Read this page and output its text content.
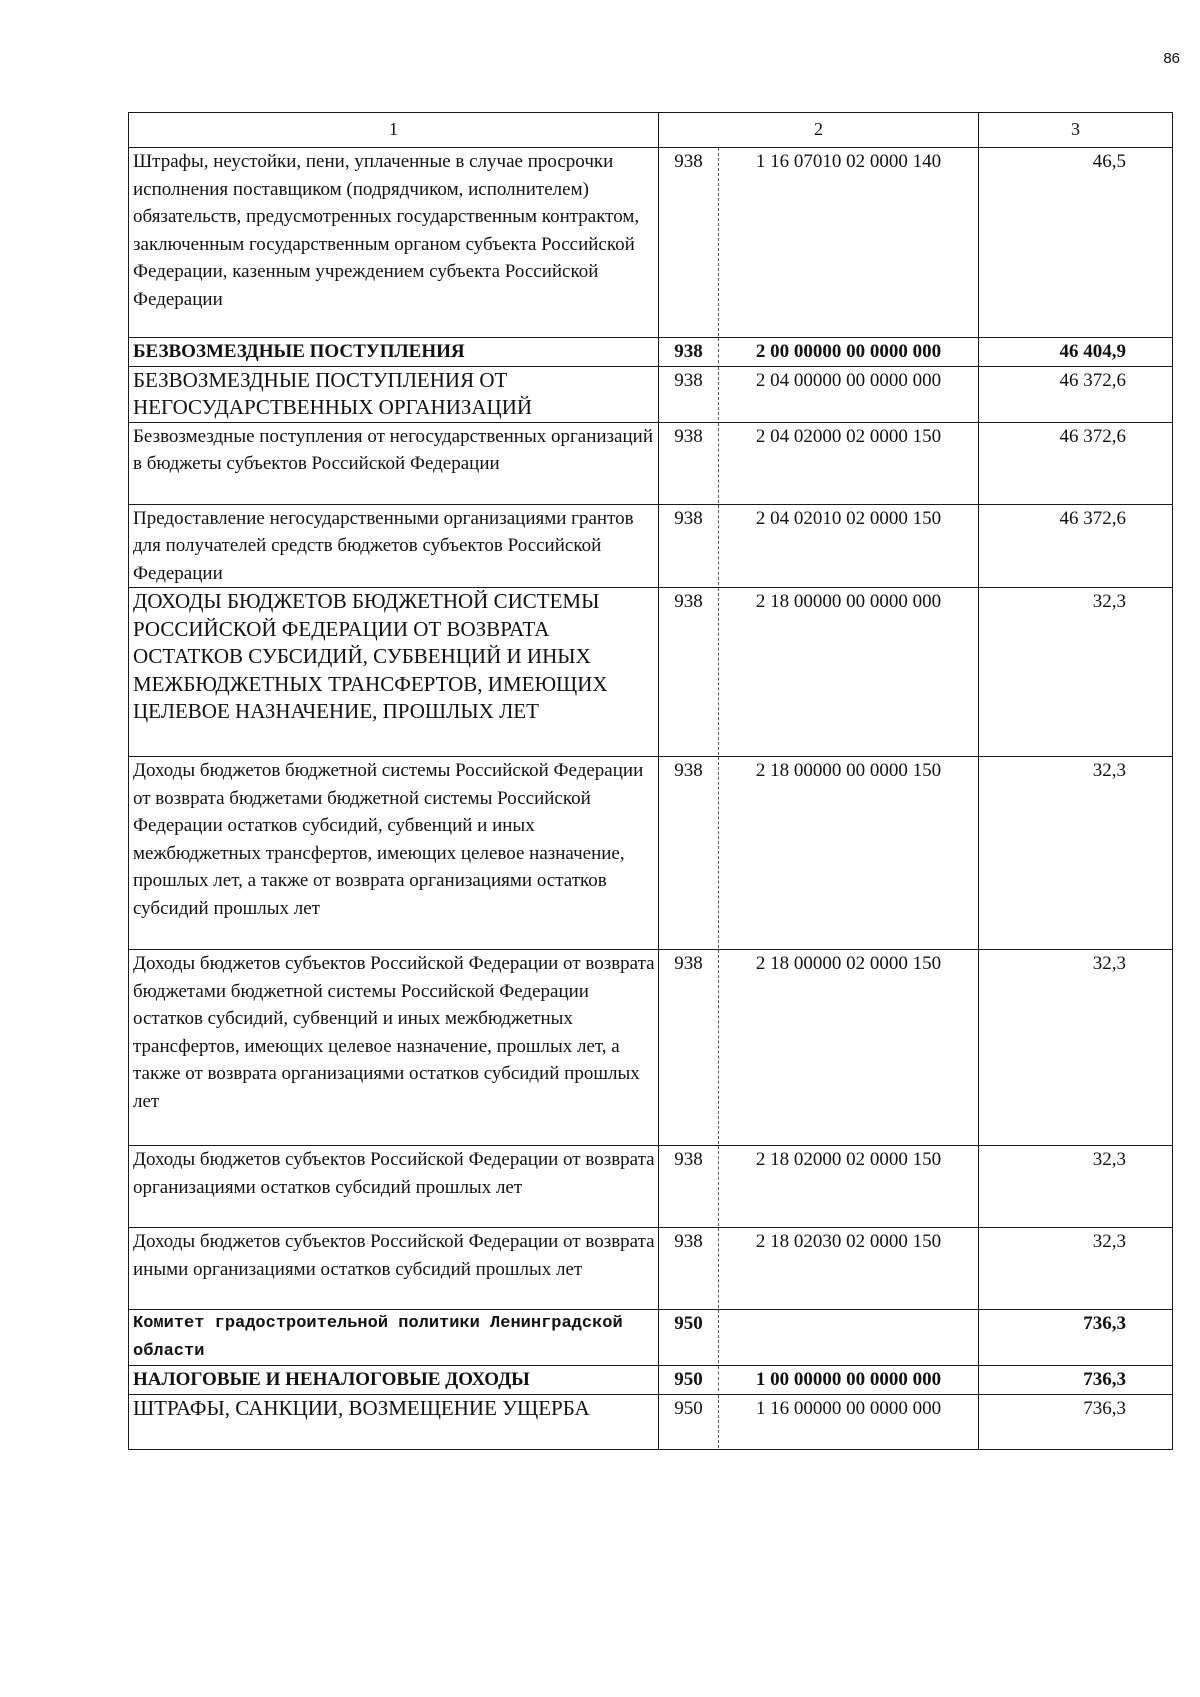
86
1	2	3
Штрафы, неустойки, пени, уплаченные в случае просрочки исполнения поставщиком (подрядчиком, исполнителем) обязательств, предусмотренных государственным контрактом, заключенным государственным органом субъекта Российской Федерации, казенным учреждением субъекта Российской Федерации	938 1 16 07010 02 0000 140	46,5
БЕЗВОЗМЕЗДНЫЕ ПОСТУПЛЕНИЯ	938 2 00 00000 00 0000 000	46 404,9
БЕЗВОЗМЕЗДНЫЕ ПОСТУПЛЕНИЯ ОТ НЕГОСУДАРСТВЕННЫХ ОРГАНИЗАЦИЙ	938 2 04 00000 00 0000 000	46 372,6
Безвозмездные поступления от негосударственных организаций в бюджеты субъектов Российской Федерации	938 2 04 02000 02 0000 150	46 372,6
Предоставление негосударственными организациями грантов для получателей средств бюджетов субъектов Российской Федерации	938 2 04 02010 02 0000 150	46 372,6
ДОХОДЫ БЮДЖЕТОВ БЮДЖЕТНОЙ СИСТЕМЫ РОССИЙСКОЙ ФЕДЕРАЦИИ ОТ ВОЗВРАТА ОСТАТКОВ СУБСИДИЙ, СУБВЕНЦИЙ И ИНЫХ МЕЖБЮДЖЕТНЫХ ТРАНСФЕРТОВ, ИМЕЮЩИХ ЦЕЛЕВОЕ НАЗНАЧЕНИЕ, ПРОШЛЫХ ЛЕТ	938 2 18 00000 00 0000 000	32,3
Доходы бюджетов бюджетной системы Российской Федерации от возврата бюджетами бюджетной системы Российской Федерации остатков субсидий, субвенций и иных межбюджетных трансфертов, имеющих целевое назначение, прошлых лет, а также от возврата организациями остатков субсидий прошлых лет	938 2 18 00000 00 0000 150	32,3
Доходы бюджетов субъектов Российской Федерации от возврата бюджетами бюджетной системы Российской Федерации остатков субсидий, субвенций и иных межбюджетных трансфертов, имеющих целевое назначение, прошлых лет, а также от возврата организациями остатков субсидий прошлых лет	938 2 18 00000 02 0000 150	32,3
Доходы бюджетов субъектов Российской Федерации от возврата организациями остатков субсидий прошлых лет	938 2 18 02000 02 0000 150	32,3
Доходы бюджетов субъектов Российской Федерации от возврата иными организациями остатков субсидий прошлых лет	938 2 18 02030 02 0000 150	32,3
Комитет градостроительной политики Ленинградской области	950	736,3
НАЛОГОВЫЕ И НЕНАЛОГОВЫЕ ДОХОДЫ	950 1 00 00000 00 0000 000	736,3
ШТРАФЫ, САНКЦИИ, ВОЗМЕЩЕНИЕ УЩЕРБА	950 1 16 00000 00 0000 000	736,3
